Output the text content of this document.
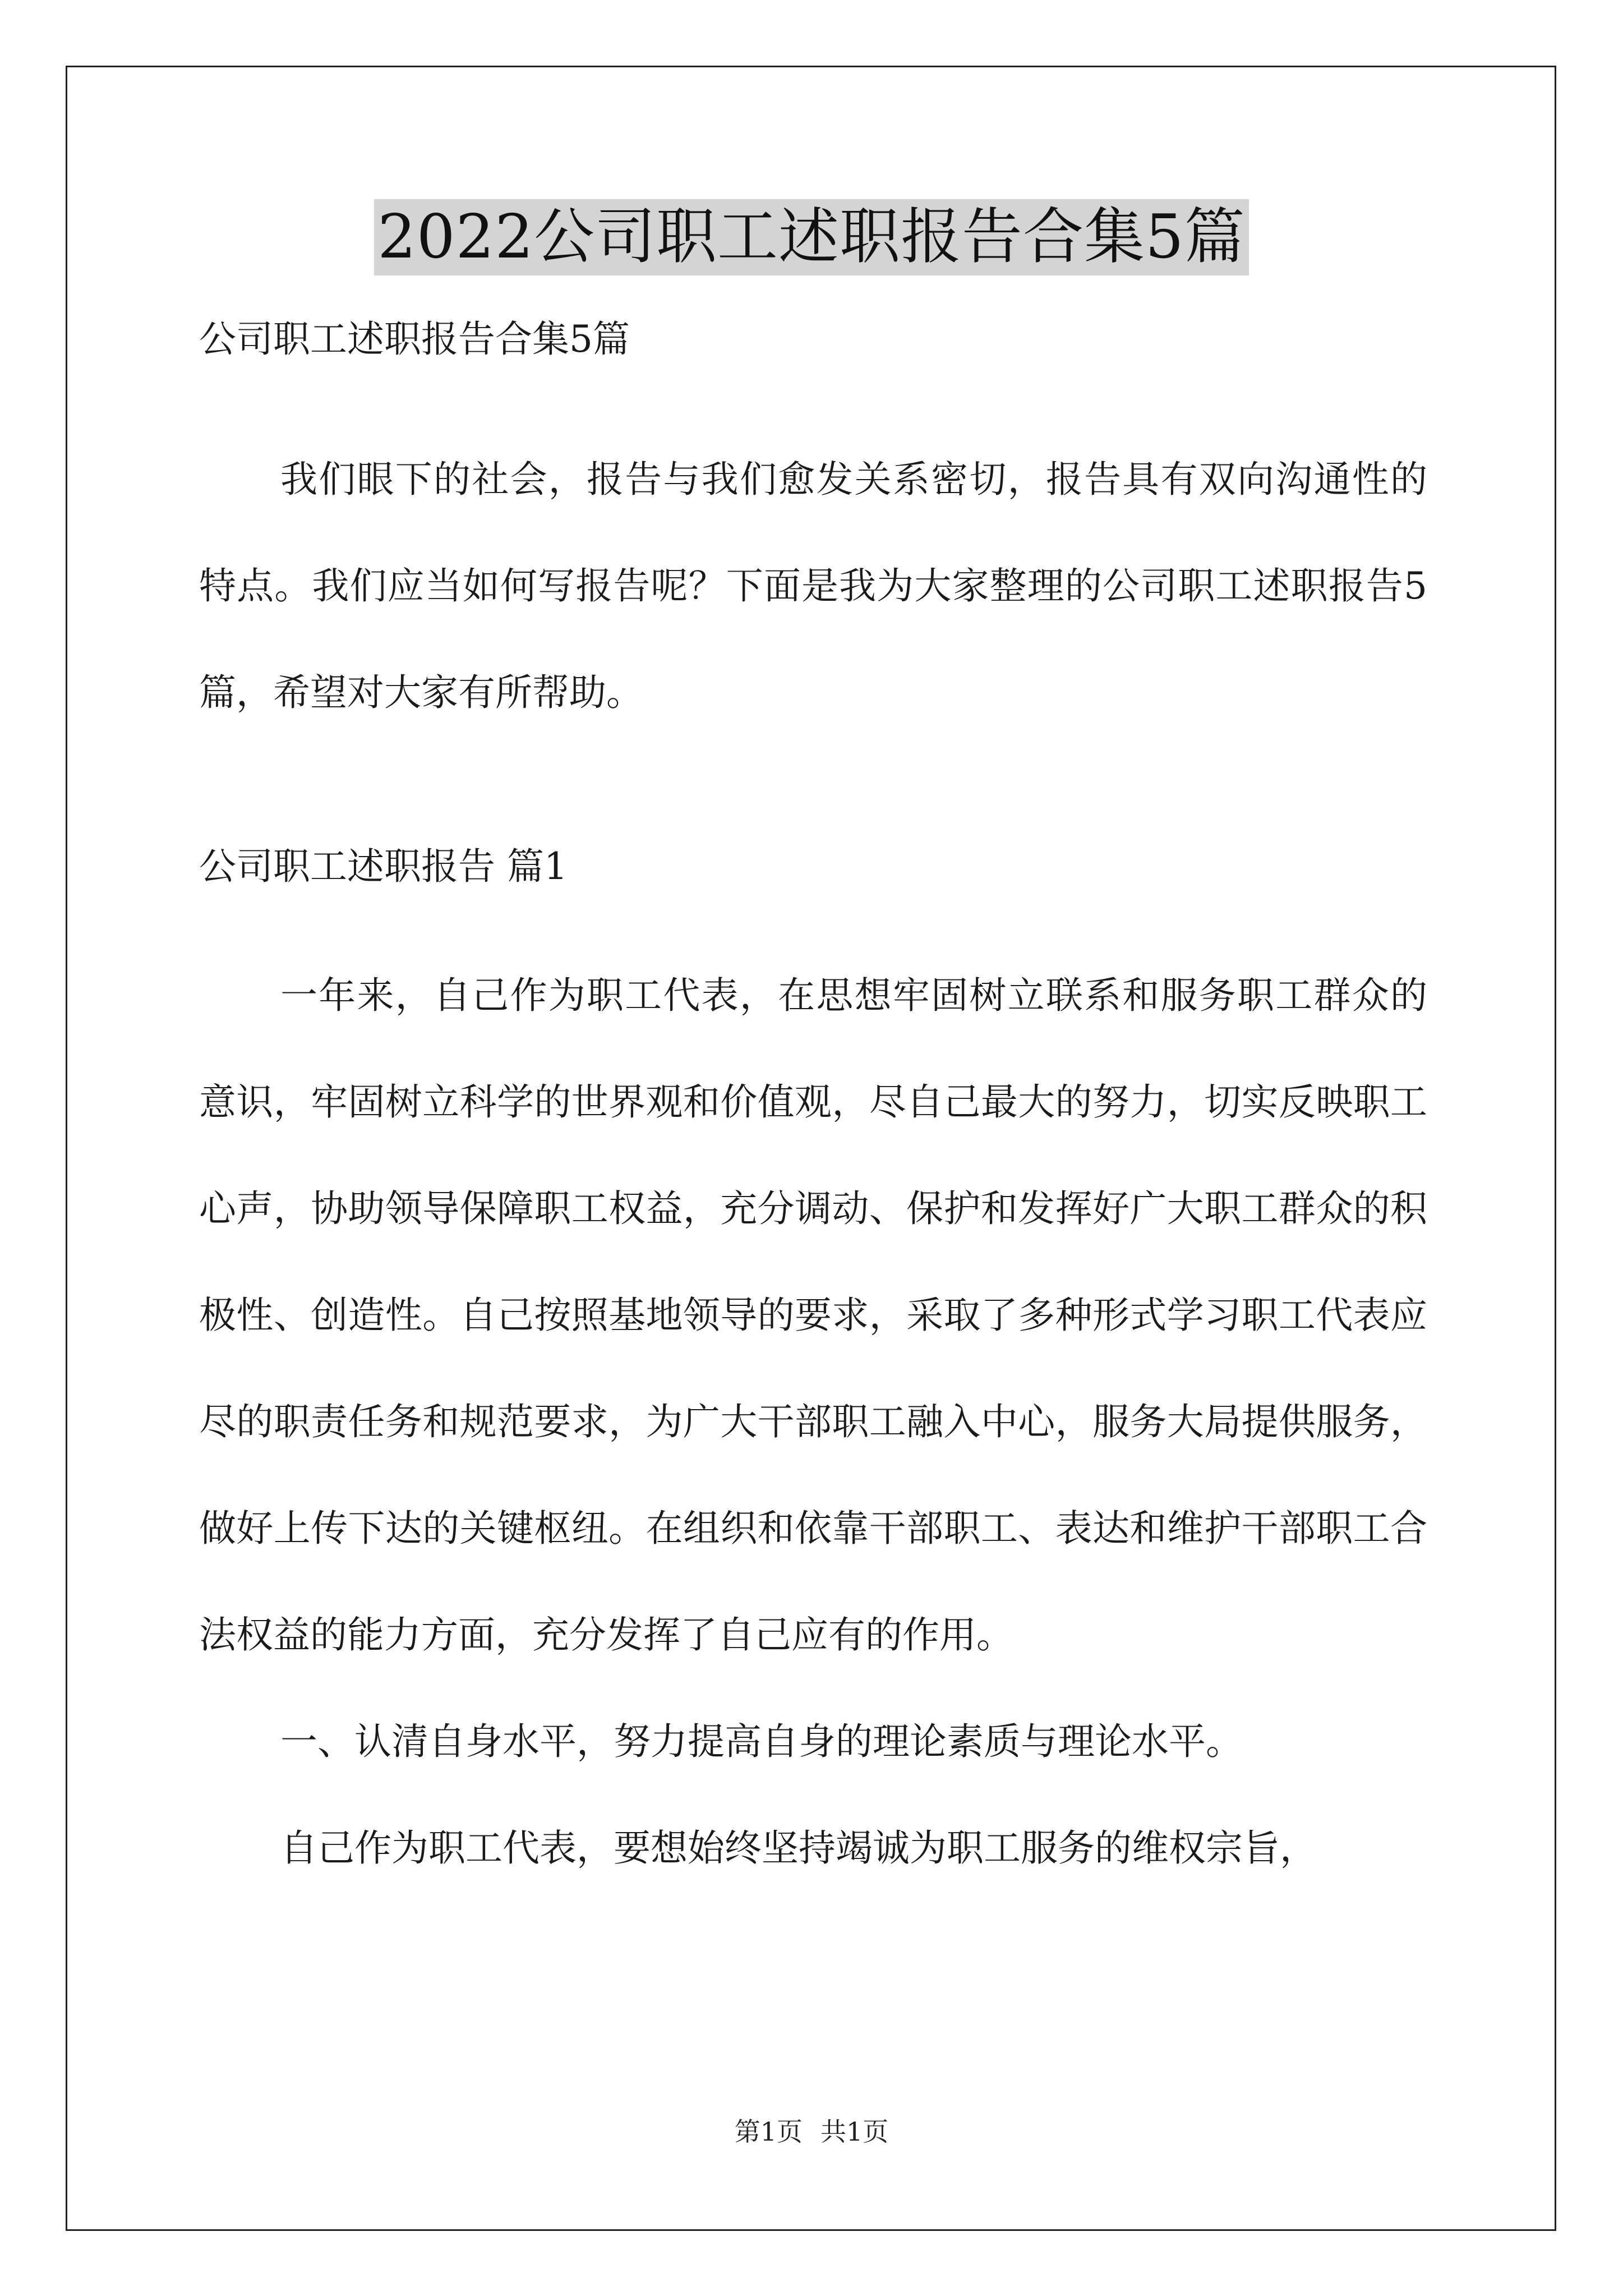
2022公司职工述职报告合集5篇

公司职工述职报告合集5篇

我们眼下的社会，报告与我们愈发关系密切，报告具有双向沟通性的特点。我们应当如何写报告呢？下面是我为大家整理的公司职工述职报告5篇，希望对大家有所帮助。

公司职工述职报告 篇1

一年来，自己作为职工代表，在思想牢固树立联系和服务职工群众的意识，牢固树立科学的世界观和价值观，尽自己最大的努力，切实反映职工心声，协助领导保障职工权益，充分调动、保护和发挥好广大职工群众的积极性、创造性。自己按照基地领导的要求，采取了多种形式学习职工代表应尽的职责任务和规范要求，为广大干部职工融入中心，服务大局提供服务，做好上传下达的关键枢纽。在组织和依靠干部职工、表达和维护干部职工合法权益的能力方面，充分发挥了自己应有的作用。

一、认清自身水平，努力提高自身的理论素质与理论水平。

自己作为职工代表，要想始终坚持竭诚为职工服务的维权宗旨，

第1页 共1页
